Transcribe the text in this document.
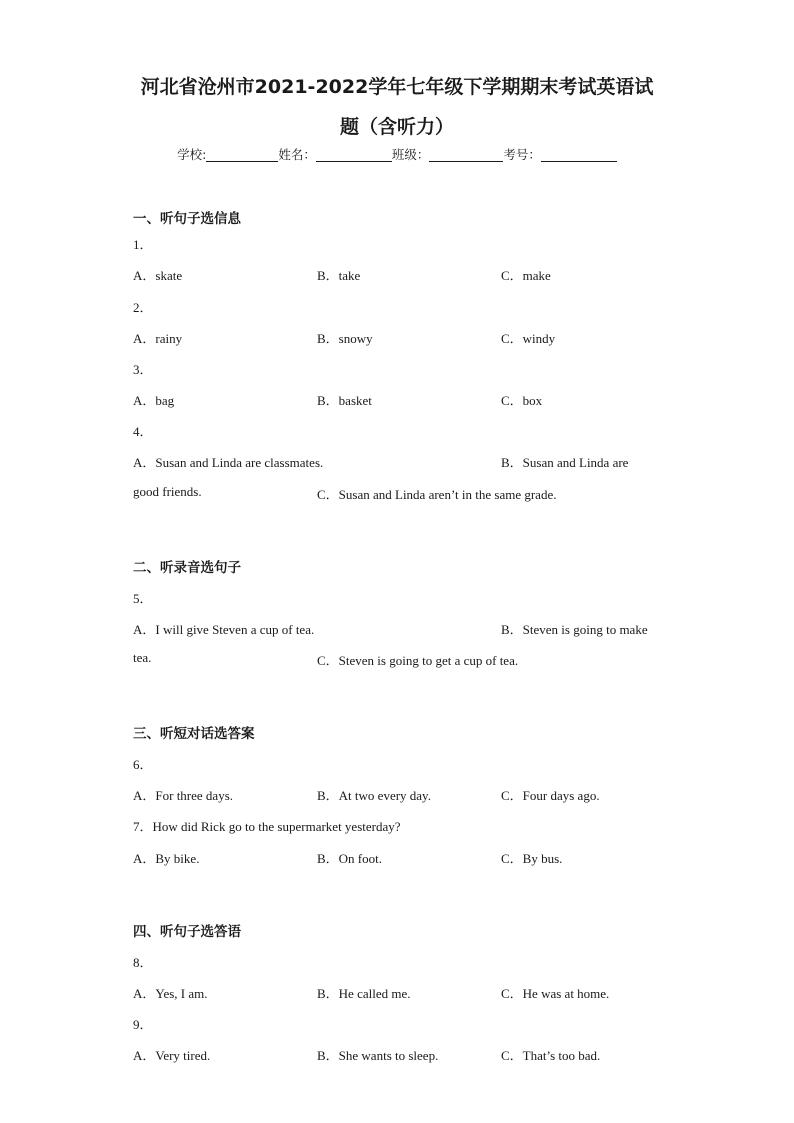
河北省沧州市2021-2022学年七年级下学期期末考试英语试
题（含听力）
学校:	姓名：	班级：	考号：
一、听句子选信息
1．
A．skate	B．take	C．make
2．
A．rainy	B．snowy	C．windy
3．
A．bag	B．basket	C．box
4．
A．Susan and Linda are classmates.	B．Susan and Linda are
good friends.	C．Susan and Linda aren’t in the same grade.
二、听录音选句子
5．
A．I will give Steven a cup of tea.	B．Steven is going to make
tea.	C．Steven is going to get a cup of tea.
三、听短对话选答案
6．
A．For three days.	B．At two every day.	C．Four days ago.
7．How did Rick go to the supermarket yesterday?
A．By bike.	B．On foot.	C．By bus.
四、听句子选答语
8．
A．Yes, I am.	B．He called me.	C．He was at home.
9．
A．Very tired.	B．She wants to sleep.	C．That’s too bad.
